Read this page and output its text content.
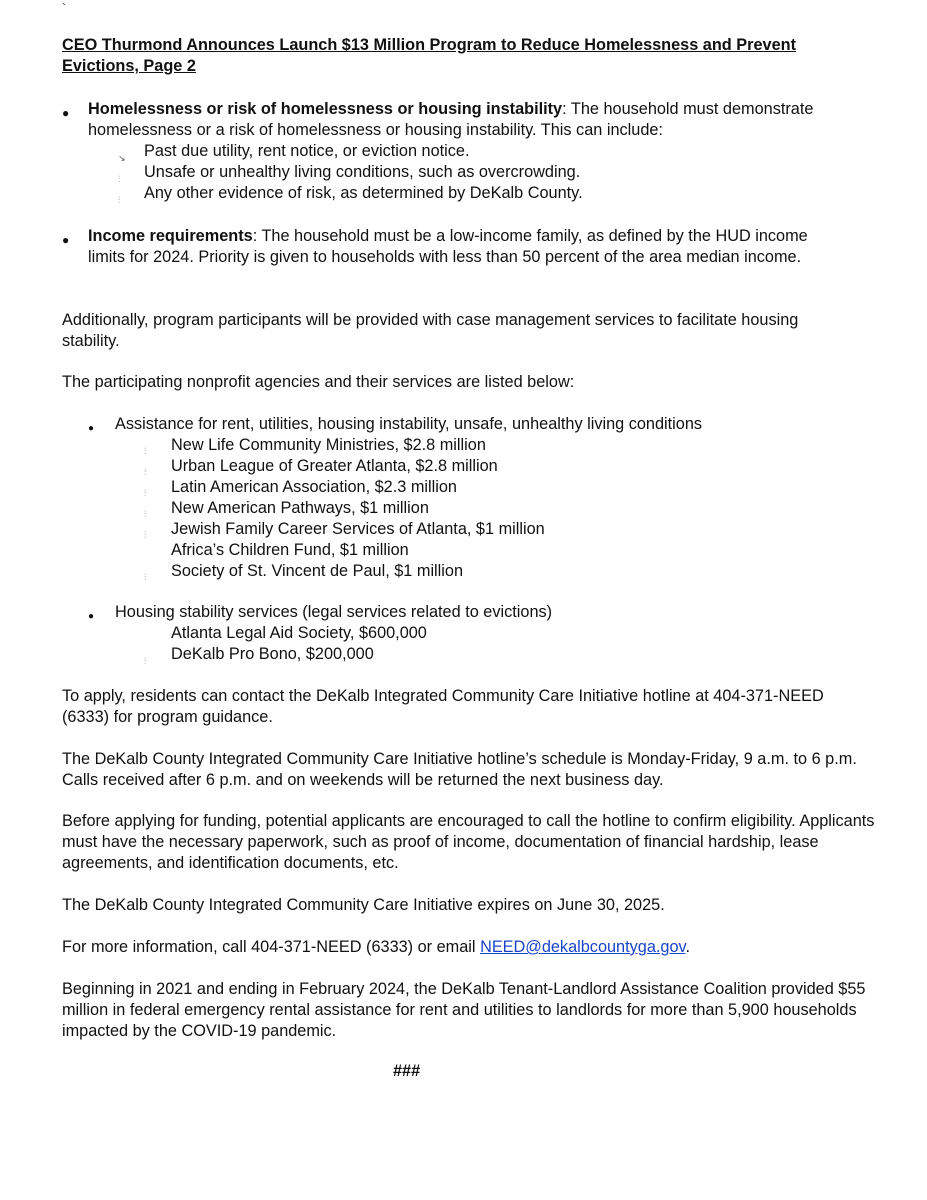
`
CEO Thurmond Announces Launch $13 Million Program to Reduce Homelessness and Prevent Evictions, Page 2
● Homelessness or risk of homelessness or housing instability: The household must demonstrate homelessness or a risk of homelessness or housing instability. This can include:
↘ Past due utility, rent notice, or eviction notice.
⫶ Unsafe or unhealthy living conditions, such as overcrowding.
⫶ Any other evidence of risk, as determined by DeKalb County.
● Income requirements: The household must be a low-income family, as defined by the HUD income limits for 2024. Priority is given to households with less than 50 percent of the area median income.
Additionally, program participants will be provided with case management services to facilitate housing stability.
The participating nonprofit agencies and their services are listed below:
● Assistance for rent, utilities, housing instability, unsafe, unhealthy living conditions
⫶ New Life Community Ministries, $2.8 million
⫶ Urban League of Greater Atlanta, $2.8 million
⫶ Latin American Association, $2.3 million
⫶ New American Pathways, $1 million
⫶ Jewish Family Career Services of Atlanta, $1 million
Africa’s Children Fund, $1 million
⫶ Society of St. Vincent de Paul, $1 million
● Housing stability services (legal services related to evictions)
Atlanta Legal Aid Society, $600,000
⫶ DeKalb Pro Bono, $200,000
To apply, residents can contact the DeKalb Integrated Community Care Initiative hotline at 404-371-NEED (6333) for program guidance.
The DeKalb County Integrated Community Care Initiative hotline’s schedule is Monday-Friday, 9 a.m. to 6 p.m. Calls received after 6 p.m. and on weekends will be returned the next business day.
Before applying for funding, potential applicants are encouraged to call the hotline to confirm eligibility. Applicants must have the necessary paperwork, such as proof of income, documentation of financial hardship, lease agreements, and identification documents, etc.
The DeKalb County Integrated Community Care Initiative expires on June 30, 2025.
For more information, call 404-371-NEED (6333) or email NEED@dekalbcountyga.gov.
Beginning in 2021 and ending in February 2024, the DeKalb Tenant-Landlord Assistance Coalition provided $55 million in federal emergency rental assistance for rent and utilities to landlords for more than 5,900 households impacted by the COVID-19 pandemic.
###
